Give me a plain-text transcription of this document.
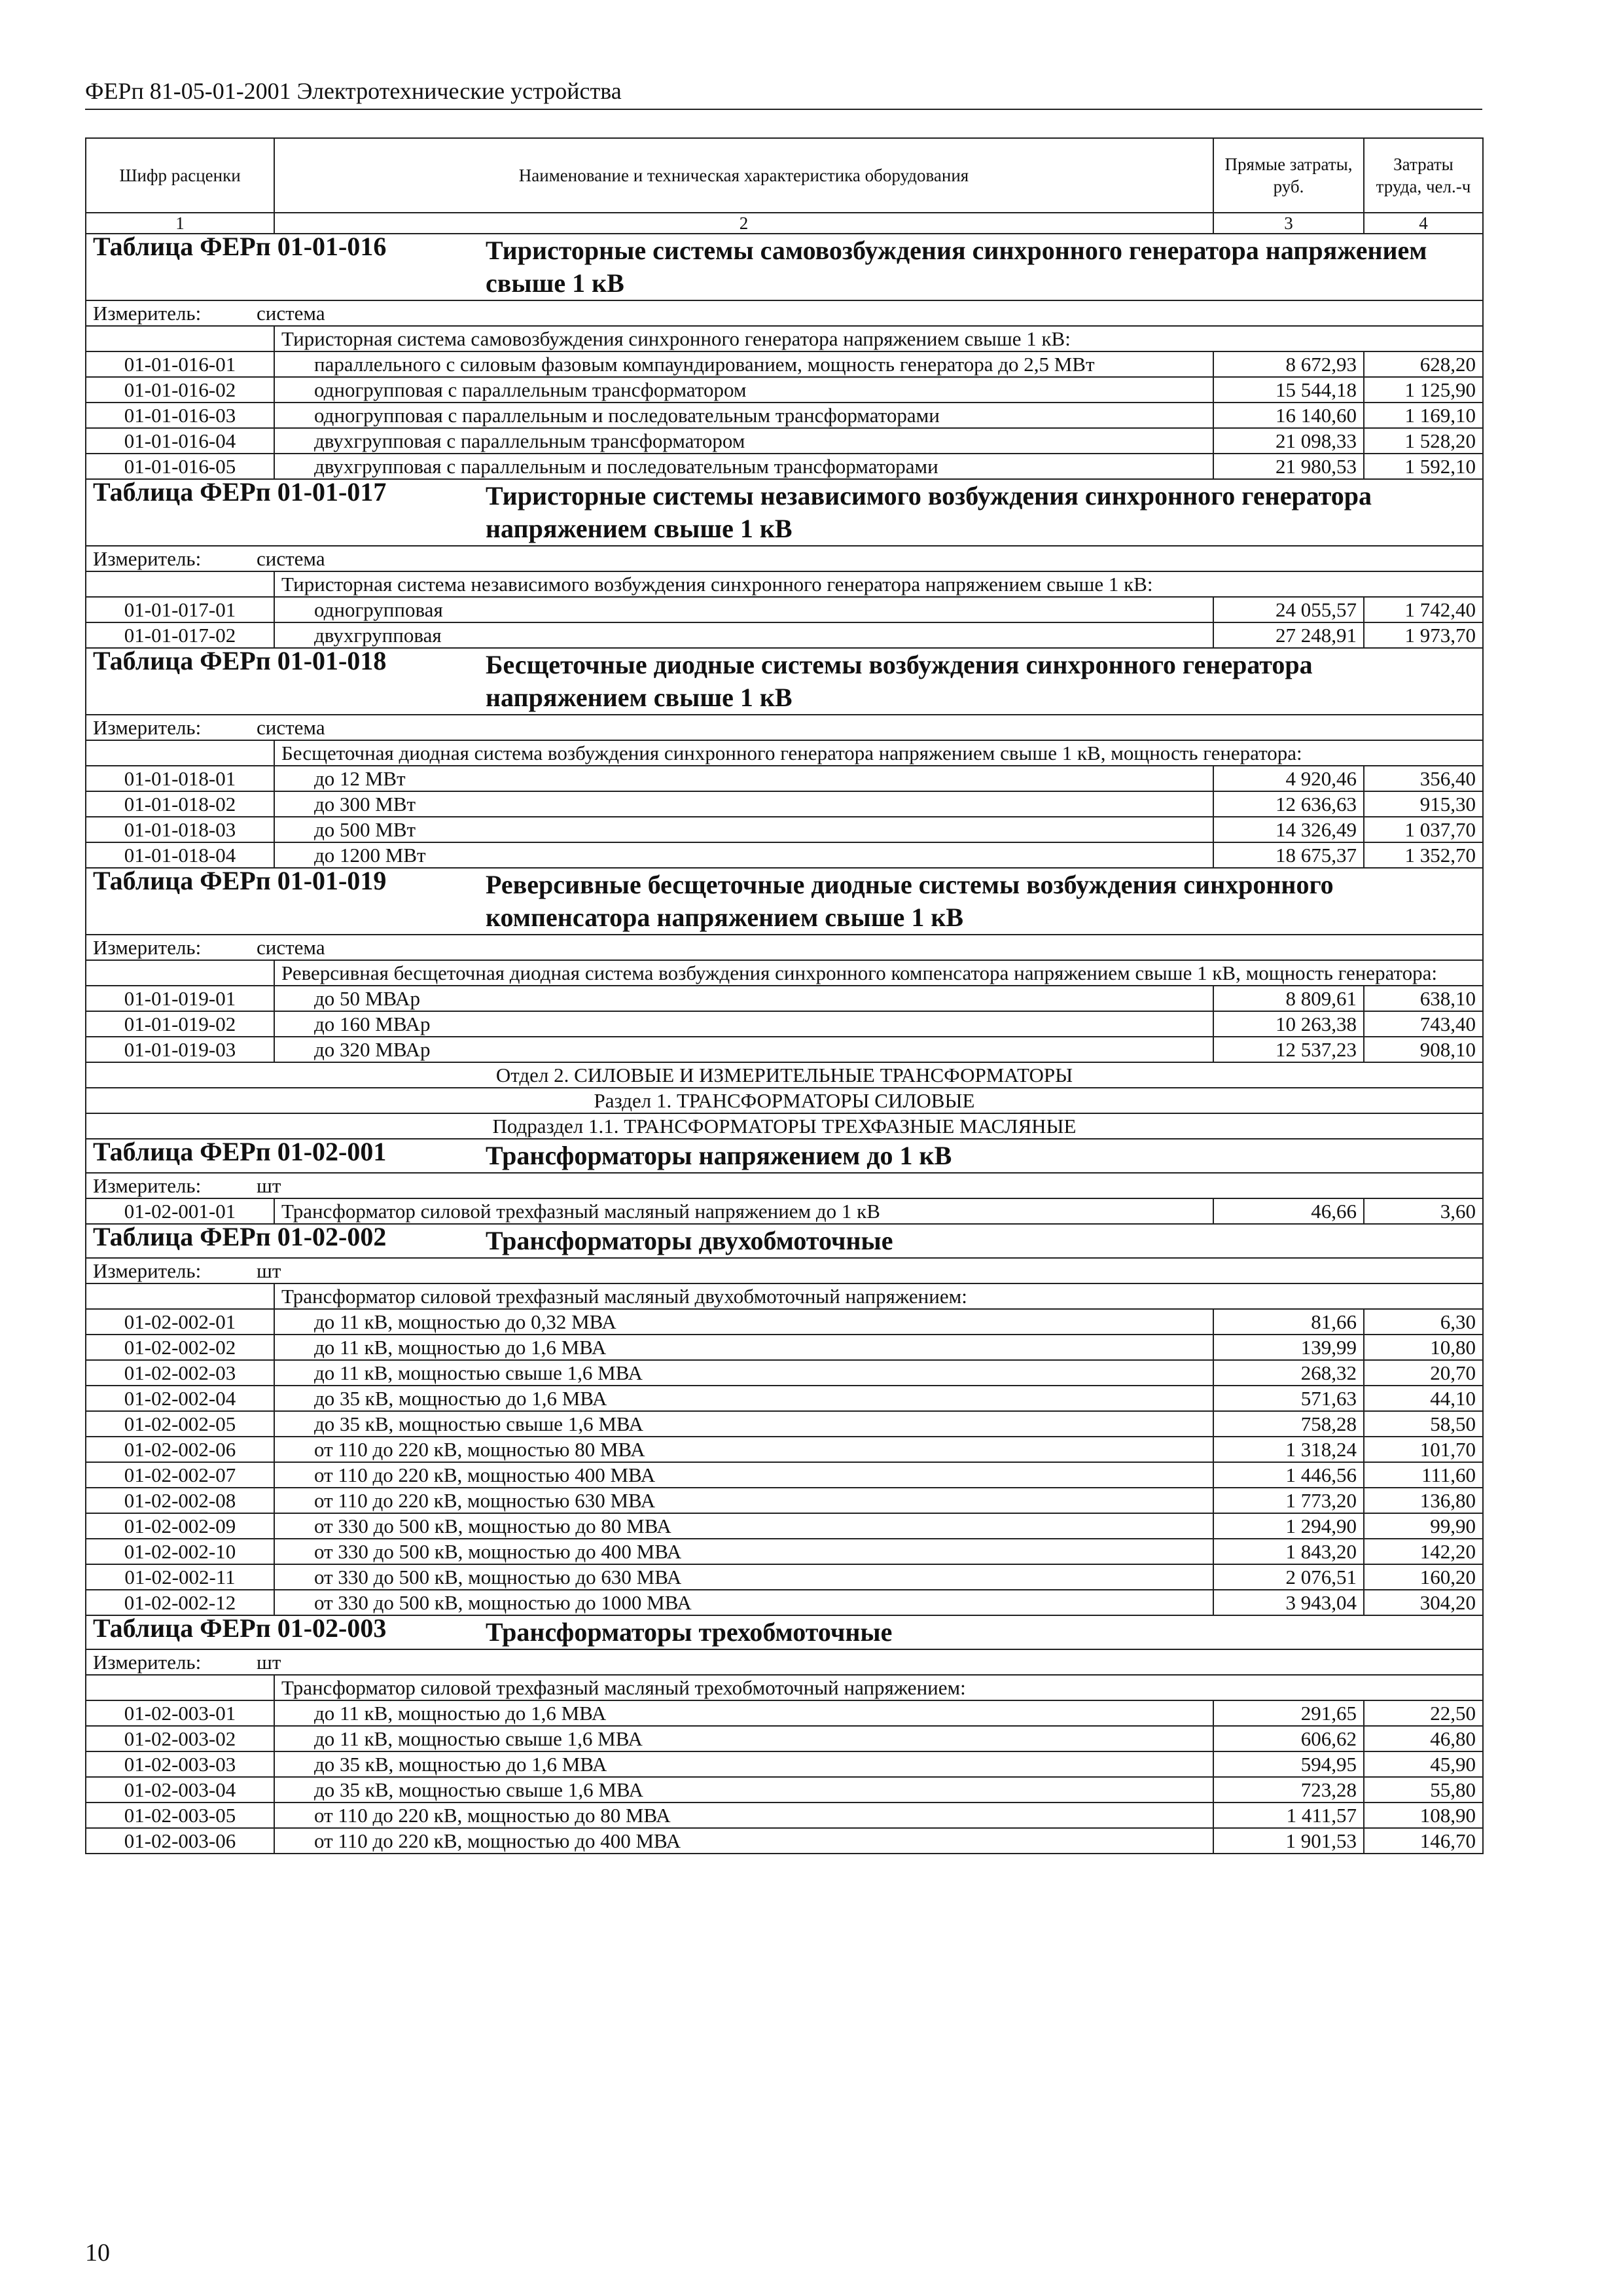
ФЕРп 81-05-01-2001 Электротехнические устройства
Шифр расценки	Наименование и техническая характеристика оборудования	Прямые затраты, руб.	Затраты труда, чел.-ч
1	2	3	4
Таблица ФЕРп 01-01-016 Тиристорные системы самовозбуждения синхронного генератора напряжением свыше 1 кВ			
Измеритель: система			
	Тиристорная система самовозбуждения синхронного генератора напряжением свыше 1 кВ:		
01-01-016-01	параллельного с силовым фазовым компаундированием, мощность генератора до 2,5 МВт	8 672,93	628,20
01-01-016-02	одногрупповая с параллельным трансформатором	15 544,18	1 125,90
01-01-016-03	одногрупповая с параллельным и последовательным трансформаторами	16 140,60	1 169,10
01-01-016-04	двухгрупповая с параллельным трансформатором	21 098,33	1 528,20
01-01-016-05	двухгрупповая с параллельным и последовательным трансформаторами	21 980,53	1 592,10
Таблица ФЕРп 01-01-017 Тиристорные системы независимого возбуждения синхронного генератора напряжением свыше 1 кВ			
Измеритель: система			
	Тиристорная система независимого возбуждения синхронного генератора напряжением свыше 1 кВ:		
01-01-017-01	одногрупповая	24 055,57	1 742,40
01-01-017-02	двухгрупповая	27 248,91	1 973,70
Таблица ФЕРп 01-01-018 Бесщеточные диодные системы возбуждения синхронного генератора напряжением свыше 1 кВ			
Измеритель: система			
	Бесщеточная диодная система возбуждения синхронного генератора напряжением свыше 1 кВ, мощность генератора:		
01-01-018-01	до 12 МВт	4 920,46	356,40
01-01-018-02	до 300 МВт	12 636,63	915,30
01-01-018-03	до 500 МВт	14 326,49	1 037,70
01-01-018-04	до 1200 МВт	18 675,37	1 352,70
Таблица ФЕРп 01-01-019 Реверсивные бесщеточные диодные системы возбуждения синхронного компенсатора напряжением свыше 1 кВ			
Измеритель: система			
	Реверсивная бесщеточная диодная система возбуждения синхронного компенсатора напряжением свыше 1 кВ, мощность генератора:		
01-01-019-01	до 50 МВАр	8 809,61	638,10
01-01-019-02	до 160 МВАр	10 263,38	743,40
01-01-019-03	до 320 МВАр	12 537,23	908,10
Отдел 2. СИЛОВЫЕ И ИЗМЕРИТЕЛЬНЫЕ ТРАНСФОРМАТОРЫ			
Раздел 1. ТРАНСФОРМАТОРЫ СИЛОВЫЕ			
Подраздел 1.1. ТРАНСФОРМАТОРЫ ТРЕХФАЗНЫЕ МАСЛЯНЫЕ			
Таблица ФЕРп 01-02-001 Трансформаторы напряжением до 1 кВ			
Измеритель: шт			
01-02-001-01	Трансформатор силовой трехфазный масляный напряжением до 1 кВ	46,66	3,60
Таблица ФЕРп 01-02-002 Трансформаторы двухобмоточные			
Измеритель: шт			
	Трансформатор силовой трехфазный масляный двухобмоточный напряжением:		
01-02-002-01	до 11 кВ, мощностью до 0,32 МВА	81,66	6,30
01-02-002-02	до 11 кВ, мощностью до 1,6 МВА	139,99	10,80
01-02-002-03	до 11 кВ, мощностью свыше 1,6 МВА	268,32	20,70
01-02-002-04	до 35 кВ, мощностью до 1,6 МВА	571,63	44,10
01-02-002-05	до 35 кВ, мощностью свыше 1,6 МВА	758,28	58,50
01-02-002-06	от 110 до 220 кВ, мощностью 80 МВА	1 318,24	101,70
01-02-002-07	от 110 до 220 кВ, мощностью 400 МВА	1 446,56	111,60
01-02-002-08	от 110 до 220 кВ, мощностью 630 МВА	1 773,20	136,80
01-02-002-09	от 330 до 500 кВ, мощностью до 80 МВА	1 294,90	99,90
01-02-002-10	от 330 до 500 кВ, мощностью до 400 МВА	1 843,20	142,20
01-02-002-11	от 330 до 500 кВ, мощностью до 630 МВА	2 076,51	160,20
01-02-002-12	от 330 до 500 кВ, мощностью до 1000 МВА	3 943,04	304,20
Таблица ФЕРп 01-02-003 Трансформаторы трехобмоточные			
Измеритель: шт			
	Трансформатор силовой трехфазный масляный трехобмоточный напряжением:		
01-02-003-01	до 11 кВ, мощностью до 1,6 МВА	291,65	22,50
01-02-003-02	до 11 кВ, мощностью свыше 1,6 МВА	606,62	46,80
01-02-003-03	до 35 кВ, мощностью до 1,6 МВА	594,95	45,90
01-02-003-04	до 35 кВ, мощностью свыше 1,6 МВА	723,28	55,80
01-02-003-05	от 110 до 220 кВ, мощностью до 80 МВА	1 411,57	108,90
01-02-003-06	от 110 до 220 кВ, мощностью до 400 МВА	1 901,53	146,70
10
